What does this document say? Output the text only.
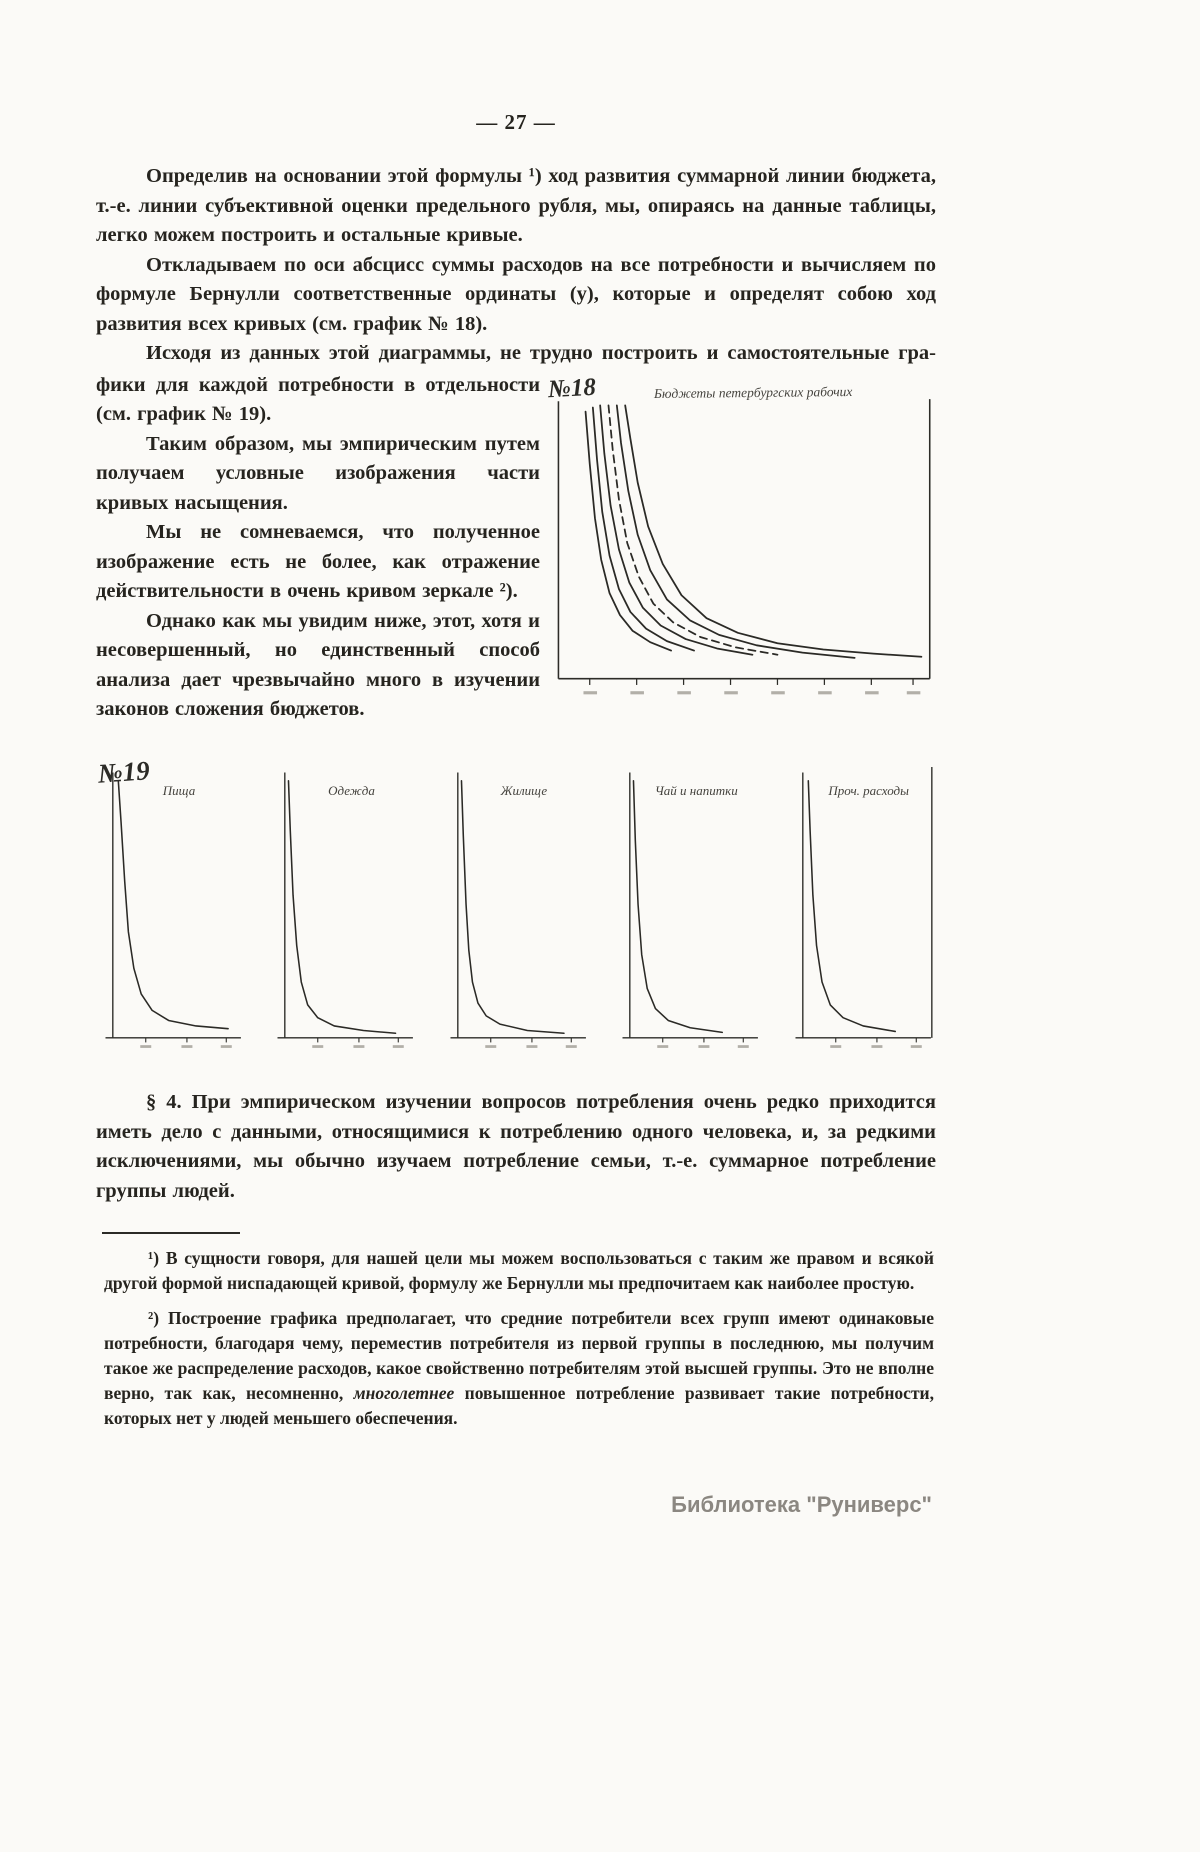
— 27 —

Определив на основании этой формулы ¹) ход развития суммарной линии бюджета, т.-е. линии субъективной оценки предельного рубля, мы, опираясь на данные таблицы, легко можем построить и остальные кривые.

Откладываем по оси абсцисс суммы расходов на все потребности и вычисляем по формуле Бернулли соответственные ординаты (y), которые и определят собою ход развития всех кривых (см. график № 18).

Исходя из данных этой диаграммы, не трудно построить и самостоятельные гра-

фики для каждой потребности в отдельности (см. график № 19).

Таким образом, мы эмпирическим путем получаем условные изображения части кривых насыщения.

Мы не сомневаемся, что полученное изображение есть не более, как отражение действительности в очень кривом зеркале ²).

Однако как мы увидим ниже, этот, хотя и несовершенный, но единственный способ анализа дает чрезвычайно много в изучении законов сложения бюджетов.

№18	Бюджеты петербургских рабочих
№19
Пища	Одежда	Жилище	Чай и напитки	Проч. расходы

§ 4. При эмпирическом изучении вопросов потребления очень редко приходится иметь дело с данными, относящимися к потреблению одного человека, и, за редкими исключениями, мы обычно изучаем потребление семьи, т.-е. суммарное потребление группы людей.

¹) В сущности говоря, для нашей цели мы можем воспользоваться с таким же правом и всякой другой формой ниспадающей кривой, формулу же Бернулли мы предпочитаем как наиболее простую.

²) Построение графика предполагает, что средние потребители всех групп имеют одинаковые потребности, благодаря чему, переместив потребителя из первой группы в последнюю, мы получим такое же распределение расходов, какое свойственно потребителям этой высшей группы. Это не вполне верно, так как, несомненно, многолетнее повышенное потребление развивает такие потребности, которых нет у людей меньшего обеспечения.

Библиотека "Руниверс"
